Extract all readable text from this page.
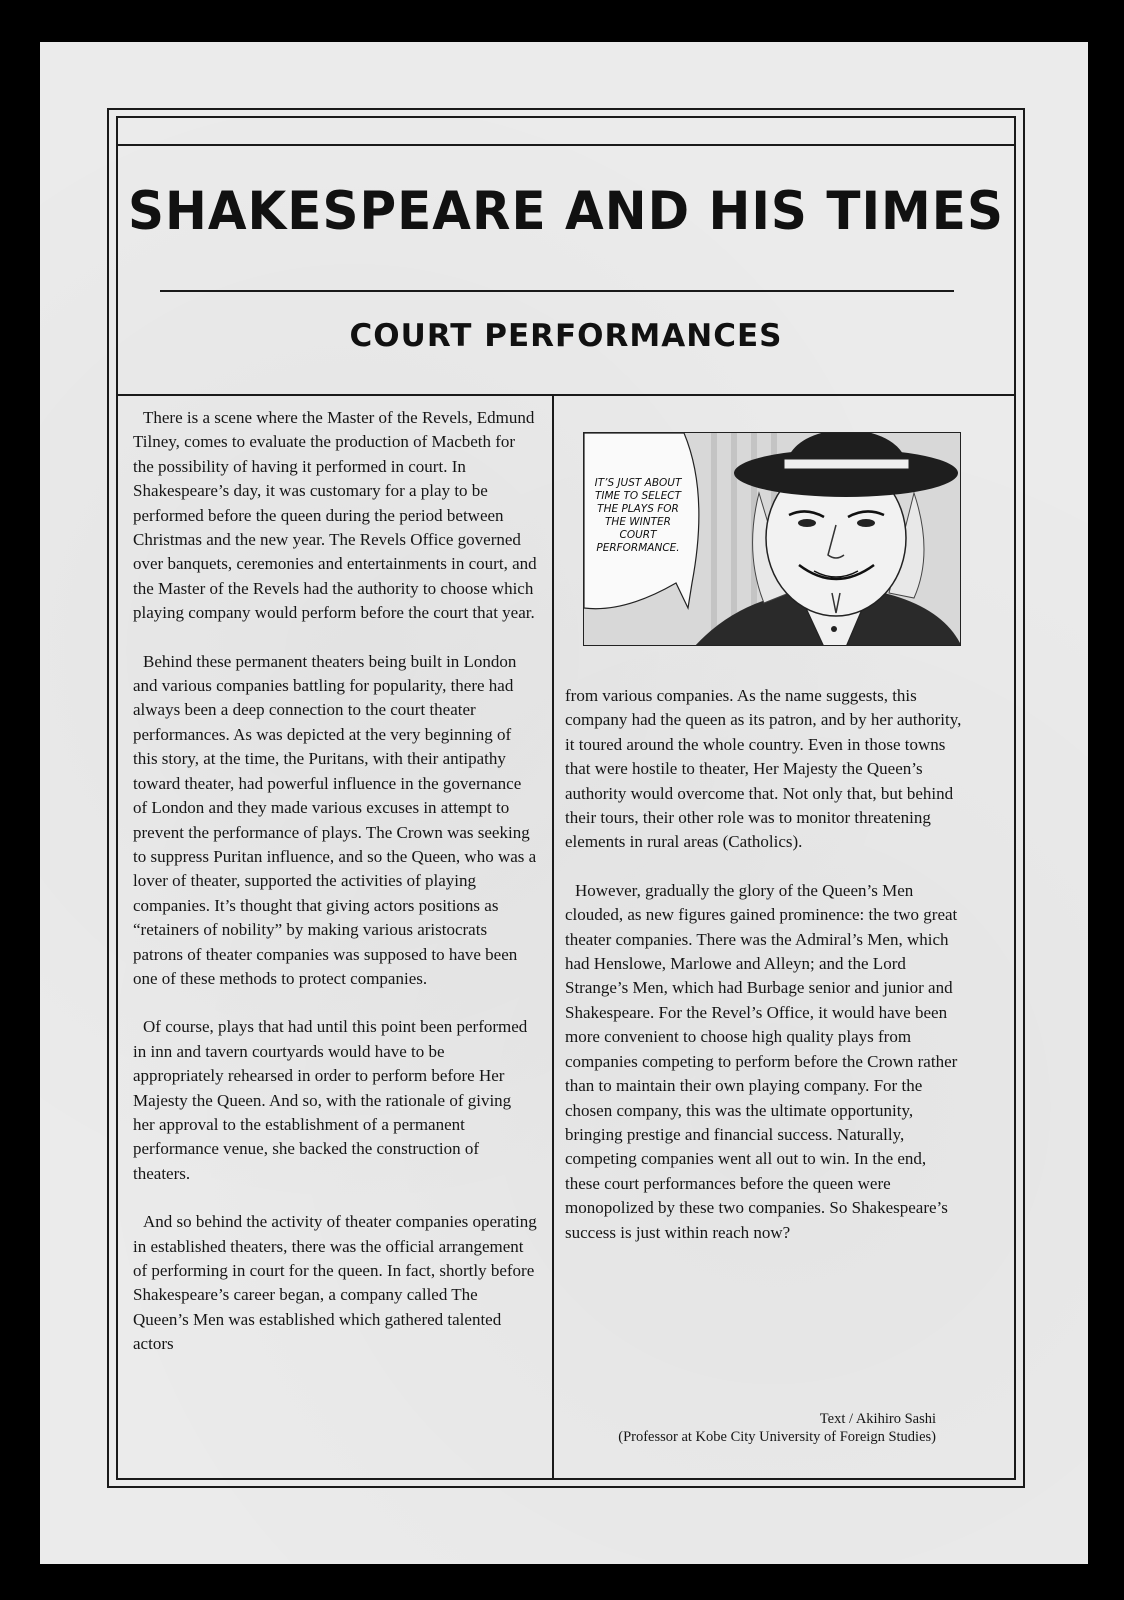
SHAKESPEARE AND HIS TIMES
COURT PERFORMANCES

There is a scene where the Master of the Revels, Edmund Tilney, comes to evaluate the production of Macbeth for the possibility of having it performed in court. In Shakespeare’s day, it was customary for a play to be performed before the queen during the period between Christmas and the new year. The Revels Office governed over banquets, ceremonies and entertainments in court, and the Master of the Revels had the authority to choose which playing company would perform before the court that year.

Behind these permanent theaters being built in London and various companies battling for popularity, there had always been a deep connection to the court theater performances. As was depicted at the very beginning of this story, at the time, the Puritans, with their antipathy toward theater, had powerful influence in the governance of London and they made various excuses in attempt to prevent the performance of plays. The Crown was seeking to suppress Puritan influence, and so the Queen, who was a lover of theater, supported the activities of playing companies. It’s thought that giving actors positions as “retainers of nobility” by making various aristocrats patrons of theater companies was supposed to have been one of these methods to protect companies.

Of course, plays that had until this point been performed in inn and tavern courtyards would have to be appropriately rehearsed in order to perform before Her Majesty the Queen. And so, with the rationale of giving her approval to the establishment of a permanent performance venue, she backed the construction of theaters.

And so behind the activity of theater companies operating in established theaters, there was the official arrangement of performing in court for the queen. In fact, shortly before Shakespeare’s career began, a company called The Queen’s Men was established which gathered talented actors

IT’S JUST ABOUT TIME TO SELECT THE PLAYS FOR THE WINTER COURT PERFORMANCE.

from various companies. As the name suggests, this company had the queen as its patron, and by her authority, it toured around the whole country. Even in those towns that were hostile to theater, Her Majesty the Queen’s authority would overcome that. Not only that, but behind their tours, their other role was to monitor threatening elements in rural areas (Catholics).

However, gradually the glory of the Queen’s Men clouded, as new figures gained prominence: the two great theater companies. There was the Admiral’s Men, which had Henslowe, Marlowe and Alleyn; and the Lord Strange’s Men, which had Burbage senior and junior and Shakespeare. For the Revel’s Office, it would have been more convenient to choose high quality plays from companies competing to perform before the Crown rather than to maintain their own playing company. For the chosen company, this was the ultimate opportunity, bringing prestige and financial success. Naturally, competing companies went all out to win. In the end, these court performances before the queen were monopolized by these two companies. So Shakespeare’s success is just within reach now?

Text / Akihiro Sashi
(Professor at Kobe City University of Foreign Studies)
